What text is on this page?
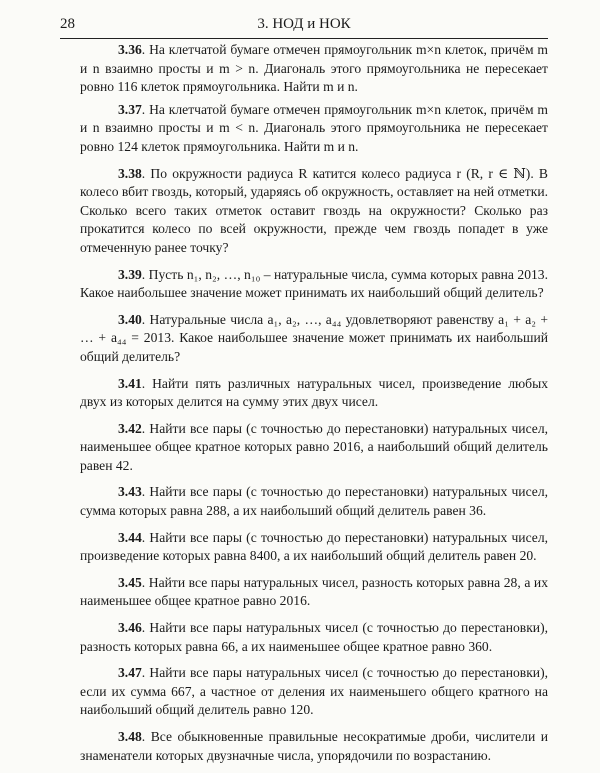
28	3. НОД и НОК

3.36. На клетчатой бумаге отмечен прямоугольник m×n клеток, причём m и n взаимно просты и m > n. Диагональ этого прямоугольника не пересекает ровно 116 клеток прямоугольника. Найти m и n.

3.37. На клетчатой бумаге отмечен прямоугольник m×n клеток, причём m и n взаимно просты и m < n. Диагональ этого прямоугольника не пересекает ровно 124 клеток прямоугольника. Найти m и n.

3.38. По окружности радиуса R катится колесо радиуса r (R, r ∈ ℕ). В колесо вбит гвоздь, который, ударяясь об окружность, оставляет на ней отметки. Сколько всего таких отметок оставит гвоздь на окружности? Сколько раз прокатится колесо по всей окружности, прежде чем гвоздь попадет в уже отмеченную ранее точку?

3.39. Пусть n₁, n₂, …, n₁₀ – натуральные числа, сумма которых равна 2013. Какое наибольшее значение может принимать их наибольший общий делитель?

3.40. Натуральные числа a₁, a₂, …, a₄₄ удовлетворяют равенству a₁ + a₂ + … + a₄₄ = 2013. Какое наибольшее значение может принимать их наибольший общий делитель?

3.41. Найти пять различных натуральных чисел, произведение любых двух из которых делится на сумму этих двух чисел.

3.42. Найти все пары (с точностью до перестановки) натуральных чисел, наименьшее общее кратное которых равно 2016, а наибольший общий делитель равен 42.

3.43. Найти все пары (с точностью до перестановки) натуральных чисел, сумма которых равна 288, а их наибольший общий делитель равен 36.

3.44. Найти все пары (с точностью до перестановки) натуральных чисел, произведение которых равна 8400, а их наибольший общий делитель равен 20.

3.45. Найти все пары натуральных чисел, разность которых равна 28, а их наименьшее общее кратное равно 2016.

3.46. Найти все пары натуральных чисел (с точностью до перестановки), разность которых равна 66, а их наименьшее общее кратное равно 360.

3.47. Найти все пары натуральных чисел (с точностью до перестановки), если их сумма 667, а частное от деления их наименьшего общего кратного на наибольший общий делитель равно 120.

3.48. Все обыкновенные правильные несократимые дроби, числители и знаменатели которых двузначные числа, упорядочили по возрастанию.
